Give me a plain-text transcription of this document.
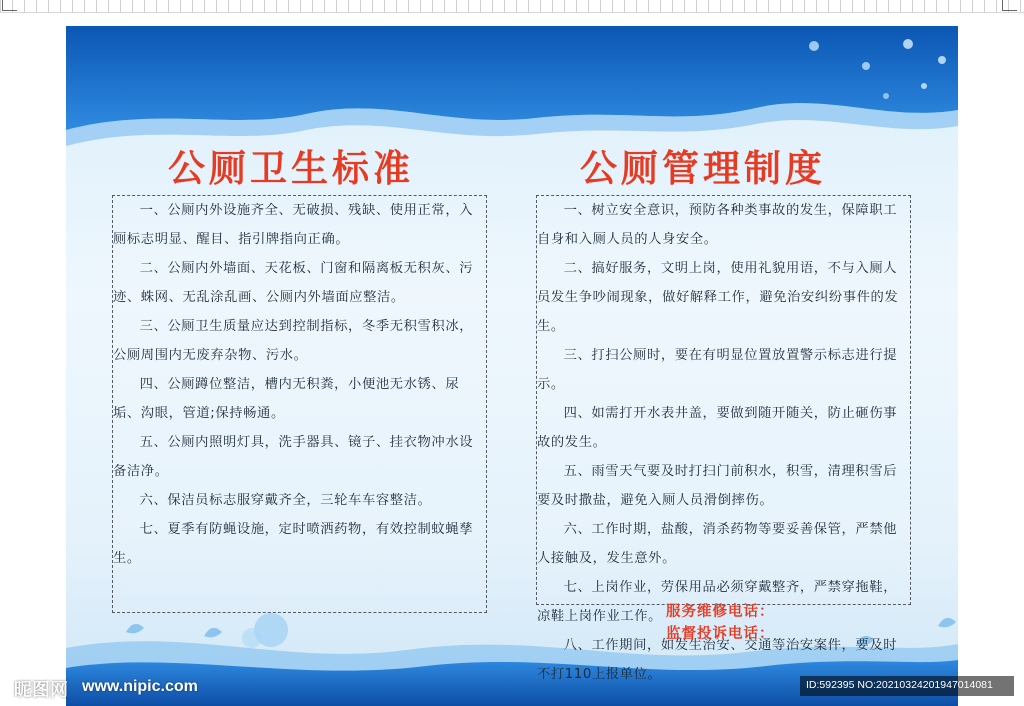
公厕卫生标准	公厕管理制度

一、公厕内外设施齐全、无破损、残缺、使用正常，入厕标志明显、醒目、指引牌指向正确。

二、公厕内外墙面、天花板、门窗和隔离板无积灰、污迹、蛛网、无乱涂乱画、公厕内外墙面应整洁。

三、公厕卫生质量应达到控制指标，冬季无积雪积冰，公厕周围内无废弃杂物、污水。

四、公厕蹲位整洁，槽内无积粪，小便池无水锈、尿垢、沟眼，管道;保持畅通。

五、公厕内照明灯具，洗手器具、镜子、挂衣物冲水设备洁净。

六、保洁员标志服穿戴齐全，三轮车车容整洁。

七、夏季有防蝇设施，定时喷洒药物，有效控制蚊蝇孳生。

一、树立安全意识，预防各种类事故的发生，保障职工自身和入厕人员的人身安全。

二、搞好服务，文明上岗，使用礼貌用语，不与入厕人员发生争吵闹现象，做好解释工作，避免治安纠纷事件的发生。

三、打扫公厕时，要在有明显位置放置警示标志进行提示。

四、如需打开水表井盖，要做到随开随关，防止砸伤事故的发生。

五、雨雪天气要及时打扫门前积水，积雪，清理积雪后要及时撒盐，避免入厕人员滑倒摔伤。

六、工作时期，盐酸，消杀药物等要妥善保管，严禁他人接触及，发生意外。

七、上岗作业，劳保用品必须穿戴整齐，严禁穿拖鞋，凉鞋上岗作业工作。

八、工作期间，如发生治安、交通等治安案件，要及时不打110上报单位。

服务维修电话：

监督投诉电话：

昵图网 www.nipic.com	ID:592395 NO:20210324201947014081
